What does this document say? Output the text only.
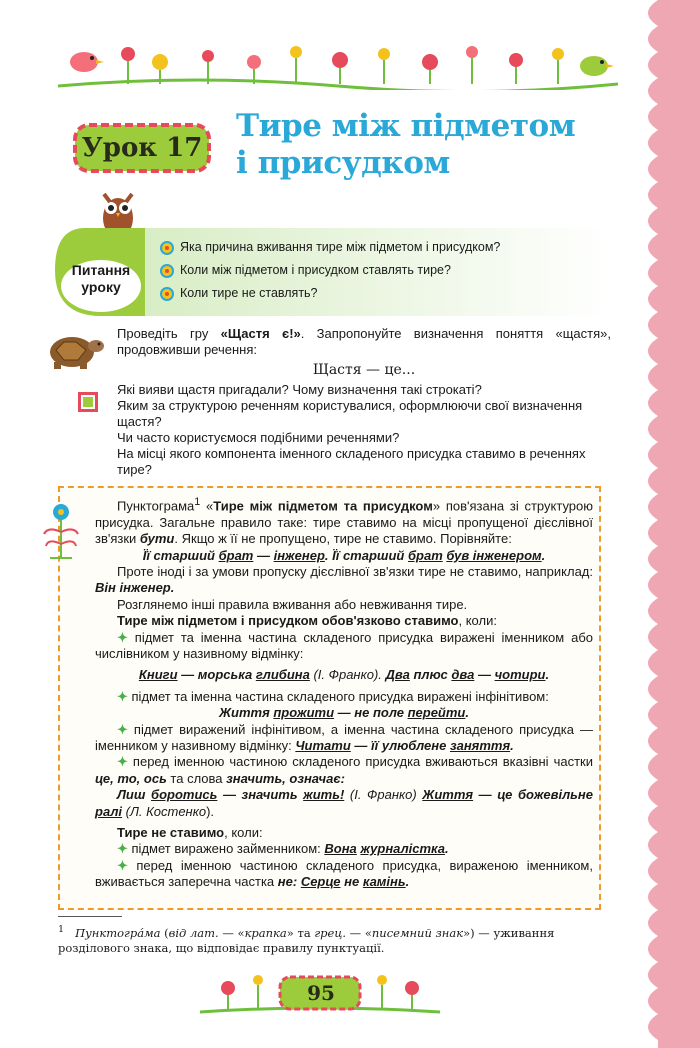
Урок 17
Тире між підметом
і присудком
Питання
уроку
Яка причина вживання тире між підметом і присудком?
Коли між підметом і присудком ставлять тире?
Коли тире не ставлять?
Проведіть гру «Щастя є!». Запропонуйте визначення поняття «щастя», продовживши речення:
Щастя — це...

Які вияви щастя пригадали? Чому визначення такі строкаті?

Яким за структурою реченням користувалися, оформлюючи свої визначення щастя?

Чи часто користуємося подібними реченнями?

На місці якого компонента іменного складеного присудка ставимо в реченнях тире?

Пунктограма$^1$ «Тире між підметом та присудком» пов'язана зі структурою присудка. Загальне правило таке: тире ставимо на місці пропущеної дієслівної зв'язки бути. Якщо ж її не пропущено, тире не ставимо. Порівняйте:

Її старший брат — інженер. Її старший брат був інженером.

Проте іноді і за умови пропуску дієслівної зв'язки тире не ставимо, наприклад: Він інженер.

Розглянемо інші правила вживання або невживання тире.

Тире між підметом і присудком обов'язково ставимо, коли:

✦ підмет та іменна частина складеного присудка виражені іменником або числівником у називному відмінку:

Книги — морська глибина (І. Франко). Два плюс два — чотири.

✦ підмет та іменна частина складеного присудка виражені інфінітивом:

Життя прожити — не поле перейти.

✦ підмет виражений інфінітивом, а іменна частина складеного присудка — іменником у називному відмінку: Читати — її улюблене заняття.

✦ перед іменною частиною складеного присудка вживаються вказівні частки це, то, ось та слова значить, означає:

Лиш боротись — значить жить! (І. Франко) Життя — це божевільне ралі (Л. Костенко).

Тире не ставимо, коли:

✦ підмет виражено займенником: Вона журналістка.

✦ перед іменною частиною складеного присудка, вираженою іменником, вживається заперечна частка не: Серце не камінь.

$^1$ Пунктогра́ма (від лат. — «крапка» та грец. — «писемний знак») — уживання розділового знака, що відповідає правилу пунктуації.
95
